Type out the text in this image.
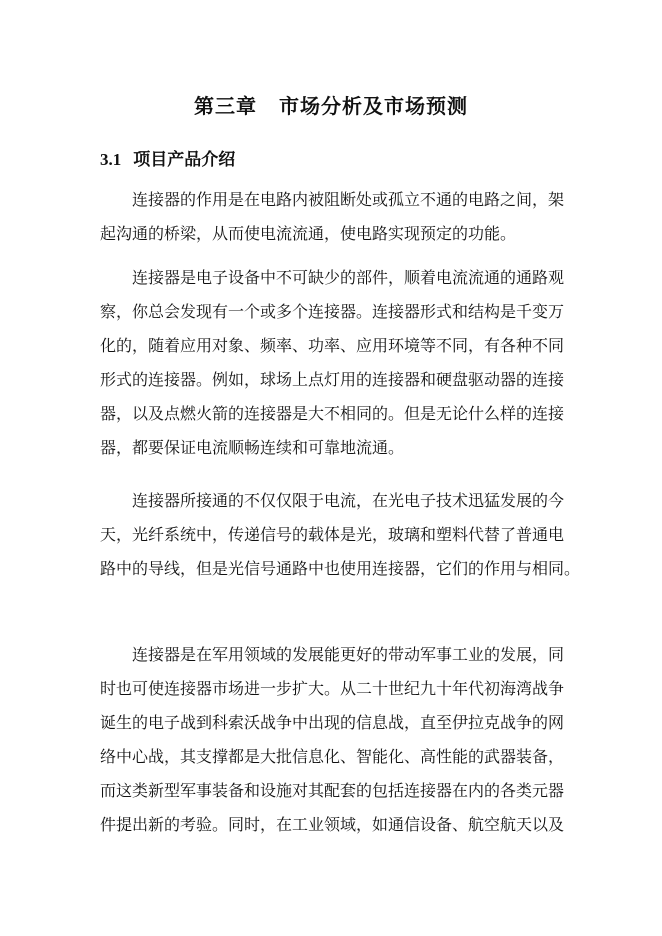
第三章 市场分析及市场预测
3.1 项目产品介绍

连接器的作用是在电路内被阻断处或孤立不通的电路之间，架
起沟通的桥梁，从而使电流流通，使电路实现预定的功能。

连接器是电子设备中不可缺少的部件，顺着电流流通的通路观
察，你总会发现有一个或多个连接器。连接器形式和结构是千变万
化的，随着应用对象、频率、功率、应用环境等不同，有各种不同
形式的连接器。例如，球场上点灯用的连接器和硬盘驱动器的连接
器，以及点燃火箭的连接器是大不相同的。但是无论什么样的连接
器，都要保证电流顺畅连续和可靠地流通。

连接器所接通的不仅仅限于电流，在光电子技术迅猛发展的今
天，光纤系统中，传递信号的载体是光，玻璃和塑料代替了普通电
路中的导线，但是光信号通路中也使用连接器，它们的作用与相同。

连接器是在军用领域的发展能更好的带动军事工业的发展，同
时也可使连接器市场进一步扩大。从二十世纪九十年代初海湾战争
诞生的电子战到科索沃战争中出现的信息战，直至伊拉克战争的网
络中心战，其支撑都是大批信息化、智能化、高性能的武器装备，
而这类新型军事装备和设施对其配套的包括连接器在内的各类元器
件提出新的考验。同时，在工业领域，如通信设备、航空航天以及
